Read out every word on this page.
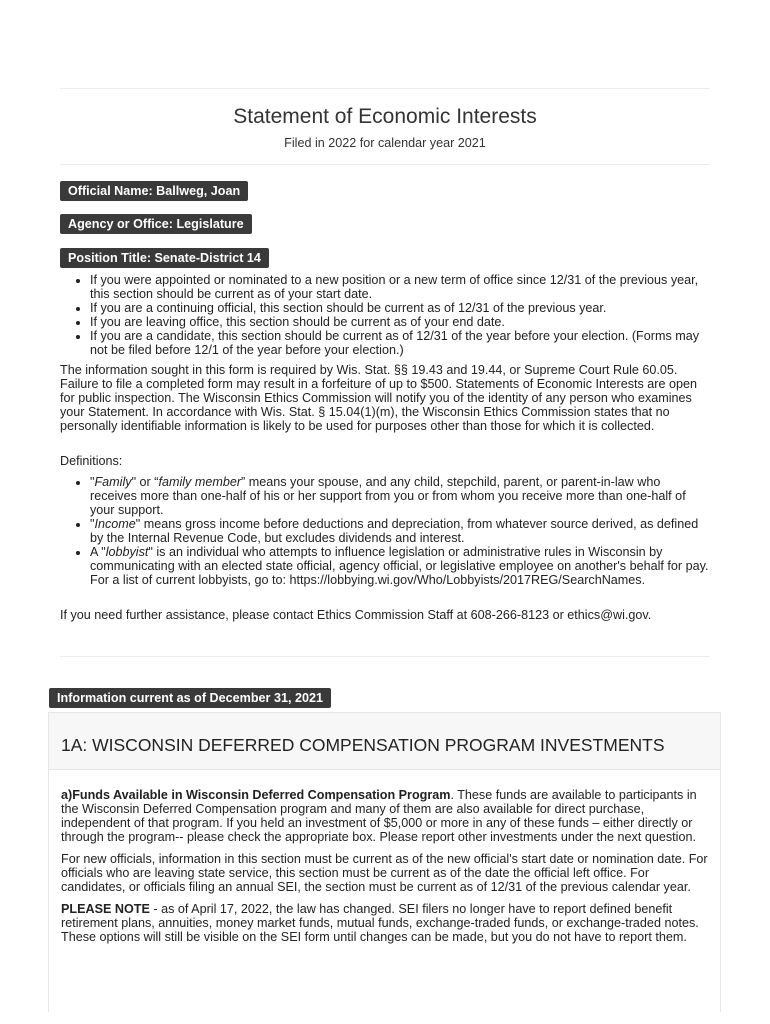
Statement of Economic Interests
Filed in 2022 for calendar year 2021
Official Name: Ballweg, Joan
Agency or Office: Legislature
Position Title: Senate-District 14
• If you were appointed or nominated to a new position or a new term of office since 12/31 of the previous year, this section should be current as of your start date.
• If you are a continuing official, this section should be current as of 12/31 of the previous year.
• If you are leaving office, this section should be current as of your end date.
• If you are a candidate, this section should be current as of 12/31 of the year before your election. (Forms may not be filed before 12/1 of the year before your election.)

The information sought in this form is required by Wis. Stat. §§ 19.43 and 19.44, or Supreme Court Rule 60.05. Failure to file a completed form may result in a forfeiture of up to $500. Statements of Economic Interests are open for public inspection. The Wisconsin Ethics Commission will notify you of the identity of any person who examines your Statement. In accordance with Wis. Stat. § 15.04(1)(m), the Wisconsin Ethics Commission states that no personally identifiable information is likely to be used for purposes other than those for which it is collected.

Definitions:
• "Family" or “family member” means your spouse, and any child, stepchild, parent, or parent-in-law who receives more than one-half of his or her support from you or from whom you receive more than one-half of your support.
• "Income" means gross income before deductions and depreciation, from whatever source derived, as defined by the Internal Revenue Code, but excludes dividends and interest.
• A "lobbyist" is an individual who attempts to influence legislation or administrative rules in Wisconsin by communicating with an elected state official, agency official, or legislative employee on another's behalf for pay. For a list of current lobbyists, go to: https://lobbying.wi.gov/Who/Lobbyists/2017REG/SearchNames.

If you need further assistance, please contact Ethics Commission Staff at 608-266-8123 or ethics@wi.gov.

Information current as of December 31, 2021
1A: WISCONSIN DEFERRED COMPENSATION PROGRAM INVESTMENTS

a)Funds Available in Wisconsin Deferred Compensation Program. These funds are available to participants in the Wisconsin Deferred Compensation program and many of them are also available for direct purchase, independent of that program. If you held an investment of $5,000 or more in any of these funds – either directly or through the program-- please check the appropriate box. Please report other investments under the next question.

For new officials, information in this section must be current as of the new official's start date or nomination date. For officials who are leaving state service, this section must be current as of the date the official left office. For candidates, or officials filing an annual SEI, the section must be current as of 12/31 of the previous calendar year.

PLEASE NOTE - as of April 17, 2022, the law has changed. SEI filers no longer have to report defined benefit retirement plans, annuities, money market funds, mutual funds, exchange-traded funds, or exchange-traded notes. These options will still be visible on the SEI form until changes can be made, but you do not have to report them.
